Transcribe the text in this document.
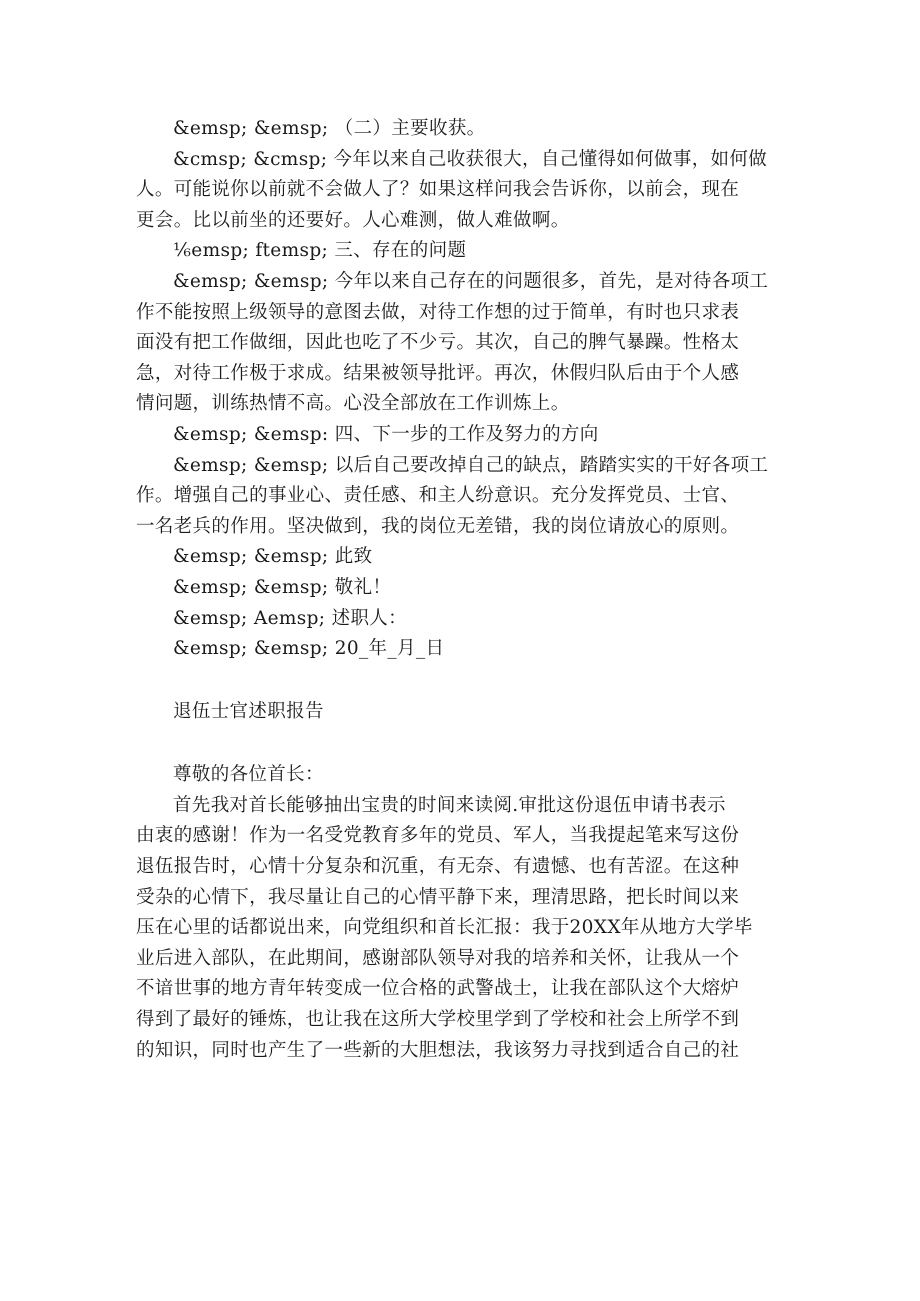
&emsp; &emsp; （二）主要收获。
&cmsp; &cmsp; 今年以来自己收获很大，自己懂得如何做事，如何做
人。可能说你以前就不会做人了？如果这样问我会告诉你，以前会，现在
更会。比以前坐的还要好。人心难测，做人难做啊。
⅙emsp; ftemsp; 三、存在的问题
&emsp; &emsp; 今年以来自己存在的问题很多，首先，是对待各项工
作不能按照上级领导的意图去做，对待工作想的过于简单，有时也只求表
面没有把工作做细，因此也吃了不少亏。其次，自己的脾气暴躁。性格太
急，对待工作极于求成。结果被领导批评。再次，休假归队后由于个人感
情问题，训练热情不高。心没全部放在工作训炼上。
&emsp; &emsp: 四、下一步的工作及努力的方向
&emsp; &emsp; 以后自己要改掉自己的缺点，踏踏实实的干好各项工
作。增强自己的事业心、责任感、和主人纷意识。充分发挥党员、士官、
一名老兵的作用。坚决做到，我的岗位无差错，我的岗位请放心的原则。
&emsp; &emsp; 此致
&emsp; &emsp; 敬礼！
&emsp; Aemsp; 述职人：
&emsp; &emsp; 20_年_月_日
退伍士官述职报告
尊敬的各位首长：
首先我对首长能够抽出宝贵的时间来读阅.审批这份退伍申请书表示
由衷的感谢！作为一名受党教育多年的党员、军人，当我提起笔来写这份
退伍报告时，心情十分复杂和沉重，有无奈、有遗憾、也有苦涩。在这种
受杂的心情下，我尽量让自己的心情平静下来，理清思路，把长时间以来
压在心里的话都说出来，向党组织和首长汇报：我于20XX年从地方大学毕
业后进入部队，在此期间，感谢部队领导对我的培养和关怀，让我从一个
不谙世事的地方青年转变成一位合格的武警战士，让我在部队这个大熔炉
得到了最好的锤炼，也让我在这所大学校里学到了学校和社会上所学不到
的知识，同时也产生了一些新的大胆想法，我该努力寻找到适合自己的社
